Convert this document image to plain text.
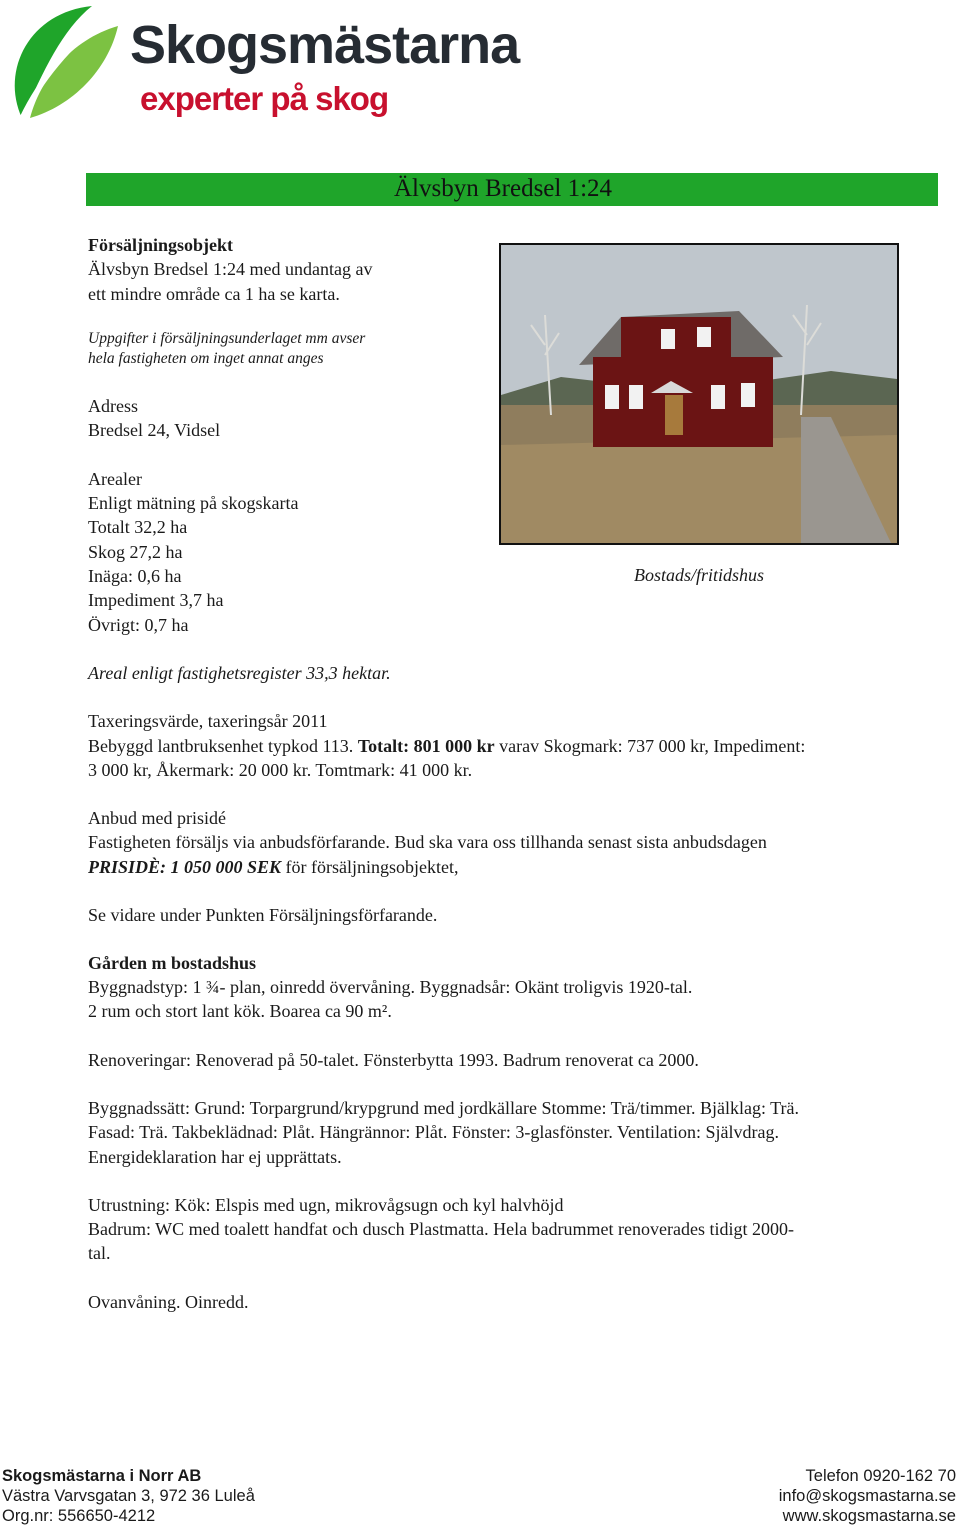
Skogsmästarna
experter på skog
Älvsbyn Bredsel 1:24
Försäljningsobjekt
Älvsbyn Bredsel 1:24 med undantag av
ett mindre område ca 1 ha se karta.
Uppgifter i försäljningsunderlaget mm avser
hela fastigheten om inget annat anges
Adress
Bredsel 24, Vidsel
Arealer
Enligt mätning på skogskarta
Totalt 32,2 ha
Skog 27,2 ha
Inäga: 0,6 ha
Impediment 3,7 ha
Övrigt: 0,7 ha
Bostads/fritidshus
Areal enligt fastighetsregister 33,3 hektar.
Taxeringsvärde, taxeringsår 2011
Bebyggd lantbruksenhet typkod 113. Totalt: 801 000 kr varav Skogmark: 737 000 kr, Impediment:
3 000 kr, Åkermark: 20 000 kr. Tomtmark: 41 000 kr.
Anbud med prisidé
Fastigheten försäljs via anbudsförfarande. Bud ska vara oss tillhanda senast sista anbudsdagen
PRISIDÈ: 1 050 000 SEK för försäljningsobjektet,
Se vidare under Punkten Försäljningsförfarande.
Gården m bostadshus
Byggnadstyp: 1 ¾- plan, oinredd övervåning. Byggnadsår: Okänt troligvis 1920-tal.
2 rum och stort lant kök. Boarea ca 90 m².
Renoveringar: Renoverad på 50-talet. Fönsterbytta 1993. Badrum renoverat ca 2000.
Byggnadssätt: Grund: Torpargrund/krypgrund med jordkällare Stomme: Trä/timmer. Bjälklag: Trä.
Fasad: Trä. Takbeklädnad: Plåt. Hängrännor: Plåt. Fönster: 3-glasfönster. Ventilation: Självdrag.
Energideklaration har ej upprättats.
Utrustning: Kök: Elspis med ugn, mikrovågsugn och kyl halvhöjd
Badrum: WC med toalett handfat och dusch Plastmatta. Hela badrummet renoverades tidigt 2000-
tal.
Ovanvåning. Oinredd.
Skogsmästarna i Norr AB
Västra Varvsgatan 3, 972 36 Luleå
Org.nr: 556650-4212
Telefon 0920-162 70
info@skogsmastarna.se
www.skogsmastarna.se
